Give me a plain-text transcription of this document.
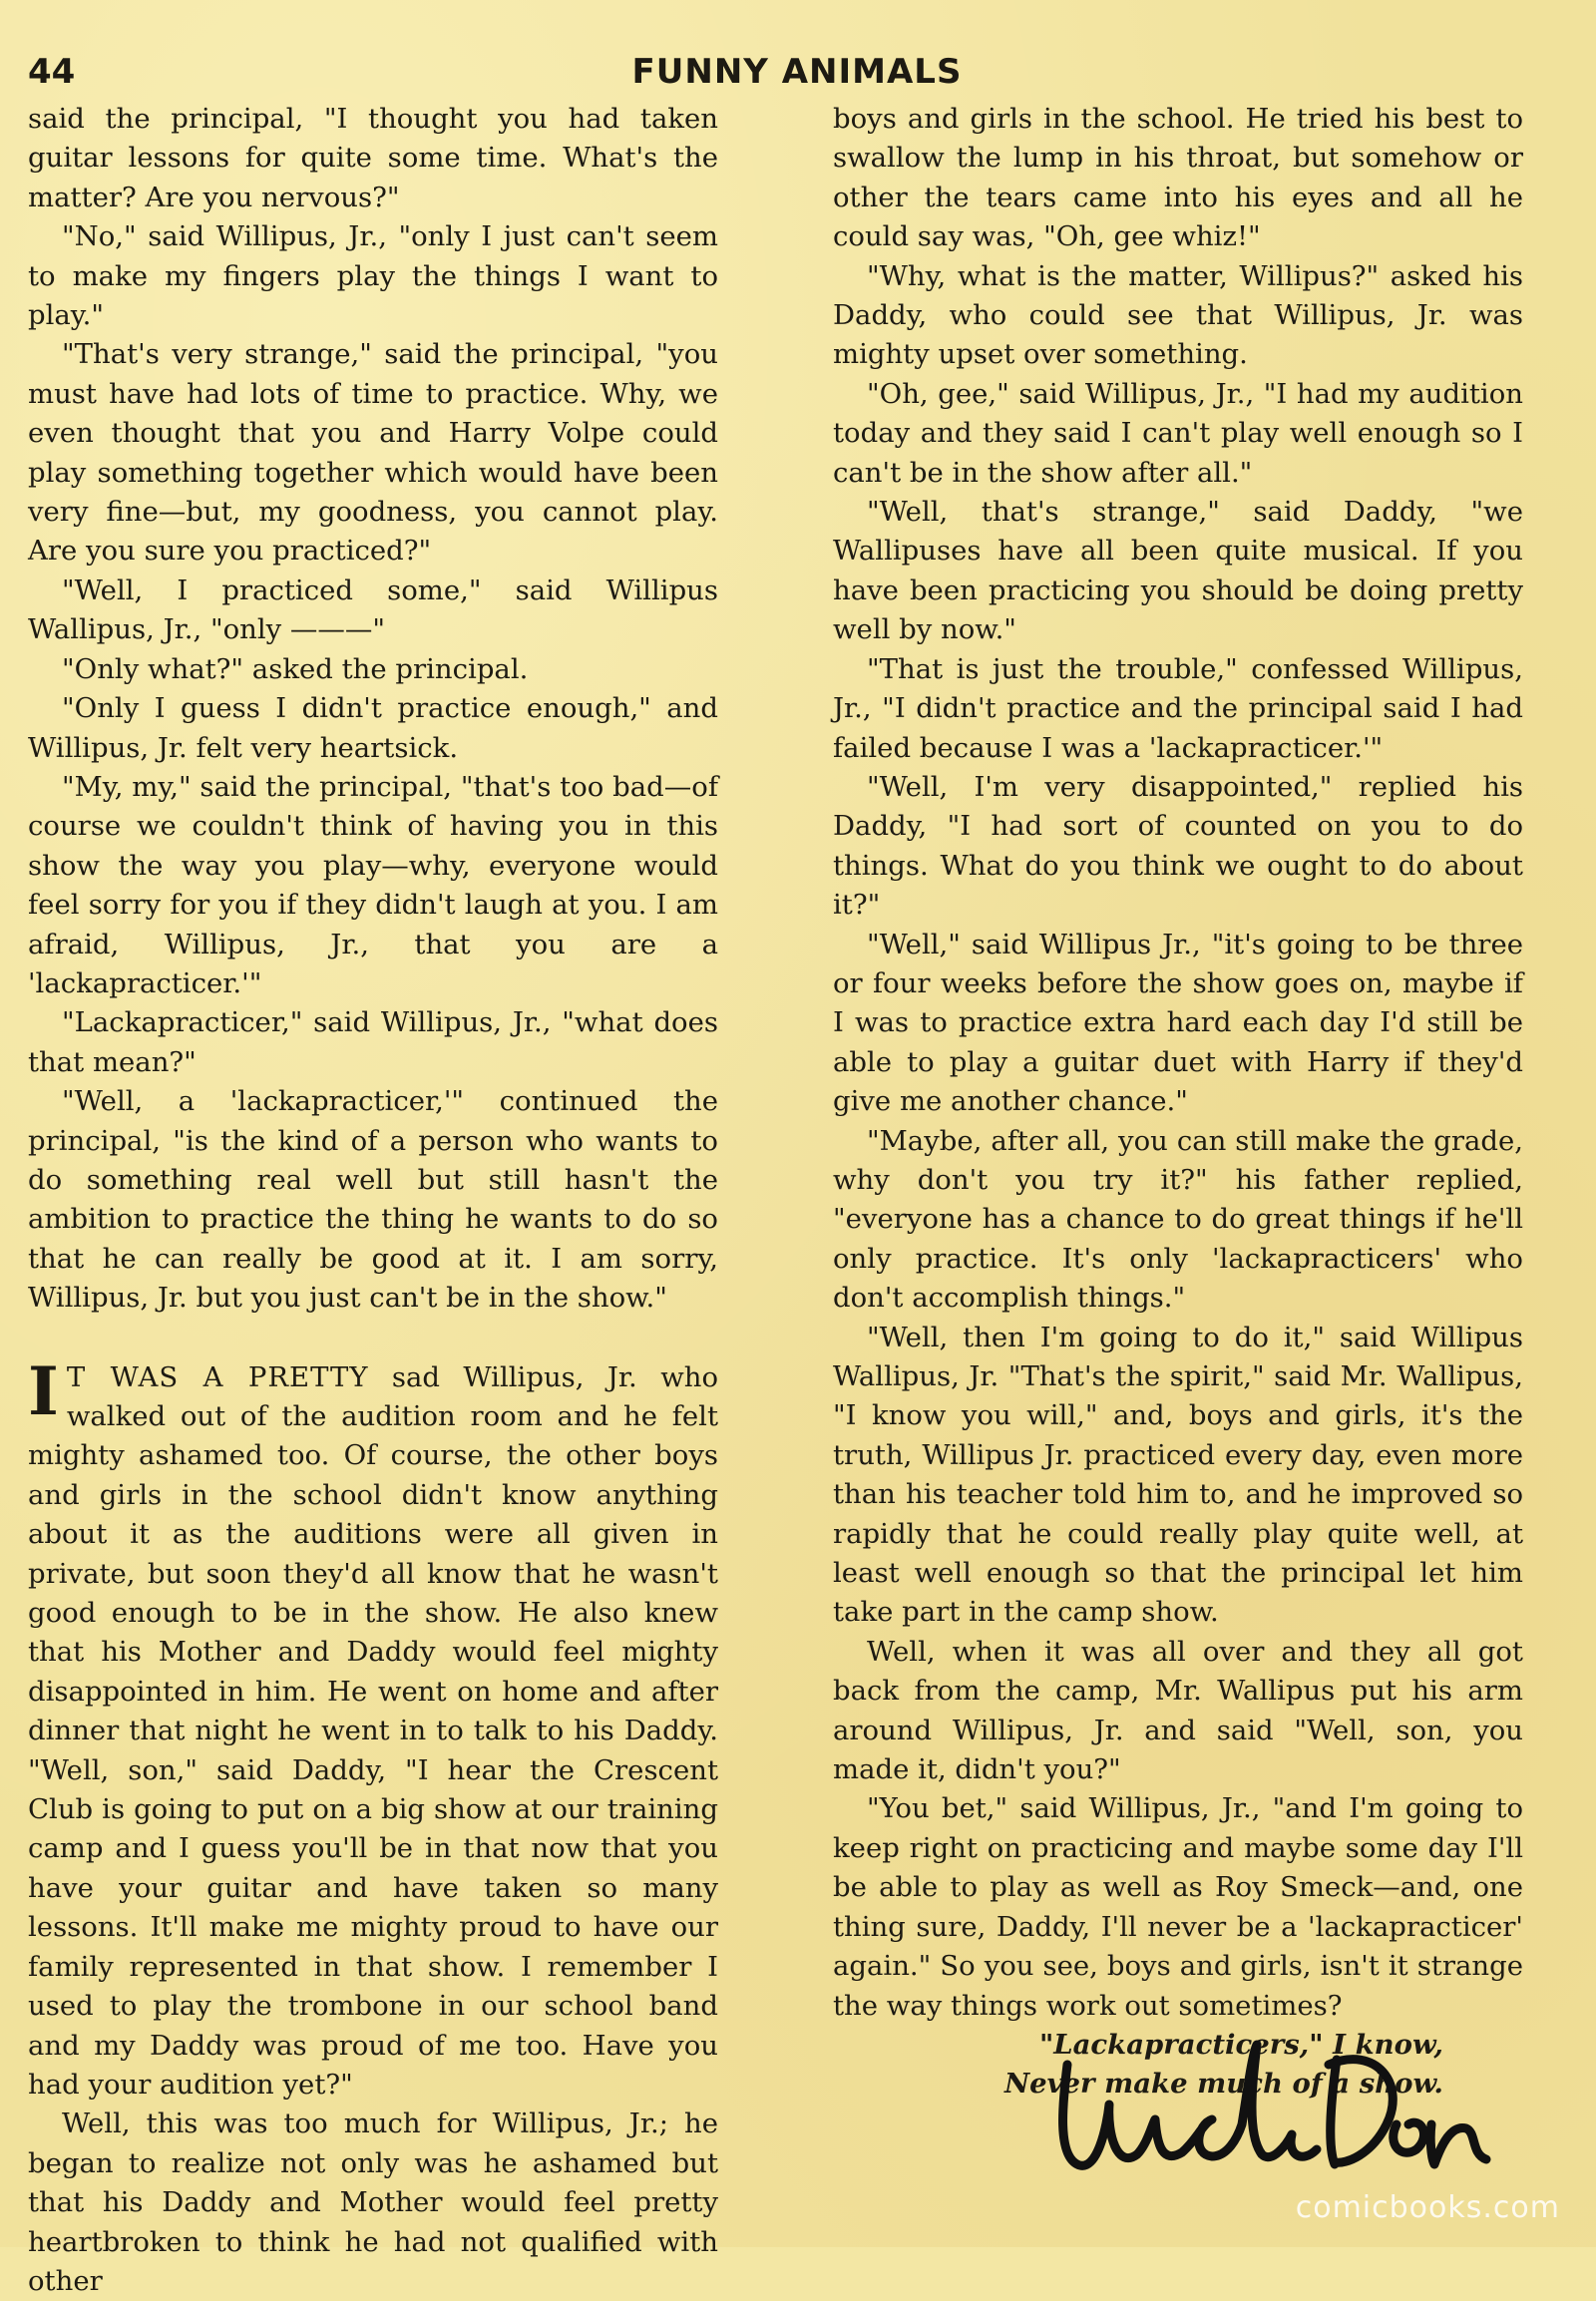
44	FUNNY ANIMALS

said the principal, "I thought you had taken guitar lessons for quite some time. What's the matter? Are you nervous?"

"No," said Willipus, Jr., "only I just can't seem to make my fingers play the things I want to play."

"That's very strange," said the principal, "you must have had lots of time to practice. Why, we even thought that you and Harry Volpe could play something together which would have been very fine—but, my goodness, you cannot play. Are you sure you practiced?"

"Well, I practiced some," said Willipus Wallipus, Jr., "only ———"

"Only what?" asked the principal.

"Only I guess I didn't practice enough," and Willipus, Jr. felt very heartsick.

"My, my," said the principal, "that's too bad—of course we couldn't think of having you in this show the way you play—why, everyone would feel sorry for you if they didn't laugh at you. I am afraid, Willipus, Jr., that you are a 'lackapracticer.'"

"Lackapracticer," said Willipus, Jr., "what does that mean?"

"Well, a 'lackapracticer,'" continued the principal, "is the kind of a person who wants to do something real well but still hasn't the ambition to practice the thing he wants to do so that he can really be good at it. I am sorry, Willipus, Jr. but you just can't be in the show."

I T WAS A PRETTY sad Willipus, Jr. who walked out of the audition room and he felt mighty ashamed too. Of course, the other boys and girls in the school didn't know anything about it as the auditions were all given in private, but soon they'd all know that he wasn't good enough to be in the show. He also knew that his Mother and Daddy would feel mighty disappointed in him. He went on home and after dinner that night he went in to talk to his Daddy. "Well, son," said Daddy, "I hear the Crescent Club is going to put on a big show at our training camp and I guess you'll be in that now that you have your guitar and have taken so many lessons. It'll make me mighty proud to have our family represented in that show. I remember I used to play the trombone in our school band and my Daddy was proud of me too. Have you had your audition yet?"

Well, this was too much for Willipus, Jr.; he began to realize not only was he ashamed but that his Daddy and Mother would feel pretty heartbroken to think he had not qualified with other

boys and girls in the school. He tried his best to swallow the lump in his throat, but somehow or other the tears came into his eyes and all he could say was, "Oh, gee whiz!"

"Why, what is the matter, Willipus?" asked his Daddy, who could see that Willipus, Jr. was mighty upset over something.

"Oh, gee," said Willipus, Jr., "I had my audition today and they said I can't play well enough so I can't be in the show after all."

"Well, that's strange," said Daddy, "we Wallipuses have all been quite musical. If you have been practicing you should be doing pretty well by now."

"That is just the trouble," confessed Willipus, Jr., "I didn't practice and the principal said I had failed because I was a 'lackapracticer.'"

"Well, I'm very disappointed," replied his Daddy, "I had sort of counted on you to do things. What do you think we ought to do about it?"

"Well," said Willipus Jr., "it's going to be three or four weeks before the show goes on, maybe if I was to practice extra hard each day I'd still be able to play a guitar duet with Harry if they'd give me another chance."

"Maybe, after all, you can still make the grade, why don't you try it?" his father replied, "everyone has a chance to do great things if he'll only practice. It's only 'lackapracticers' who don't accomplish things."

"Well, then I'm going to do it," said Willipus Wallipus, Jr. "That's the spirit," said Mr. Wallipus, "I know you will," and, boys and girls, it's the truth, Willipus Jr. practiced every day, even more than his teacher told him to, and he improved so rapidly that he could really play quite well, at least well enough so that the principal let him take part in the camp show.

Well, when it was all over and they all got back from the camp, Mr. Wallipus put his arm around Willipus, Jr. and said "Well, son, you made it, didn't you?"

"You bet," said Willipus, Jr., "and I'm going to keep right on practicing and maybe some day I'll be able to play as well as Roy Smeck—and, one thing sure, Daddy, I'll never be a 'lackapracticer' again." So you see, boys and girls, isn't it strange the way things work out sometimes?

"Lackapracticers," I know,

Never make much of a show.

comicbooks.com
